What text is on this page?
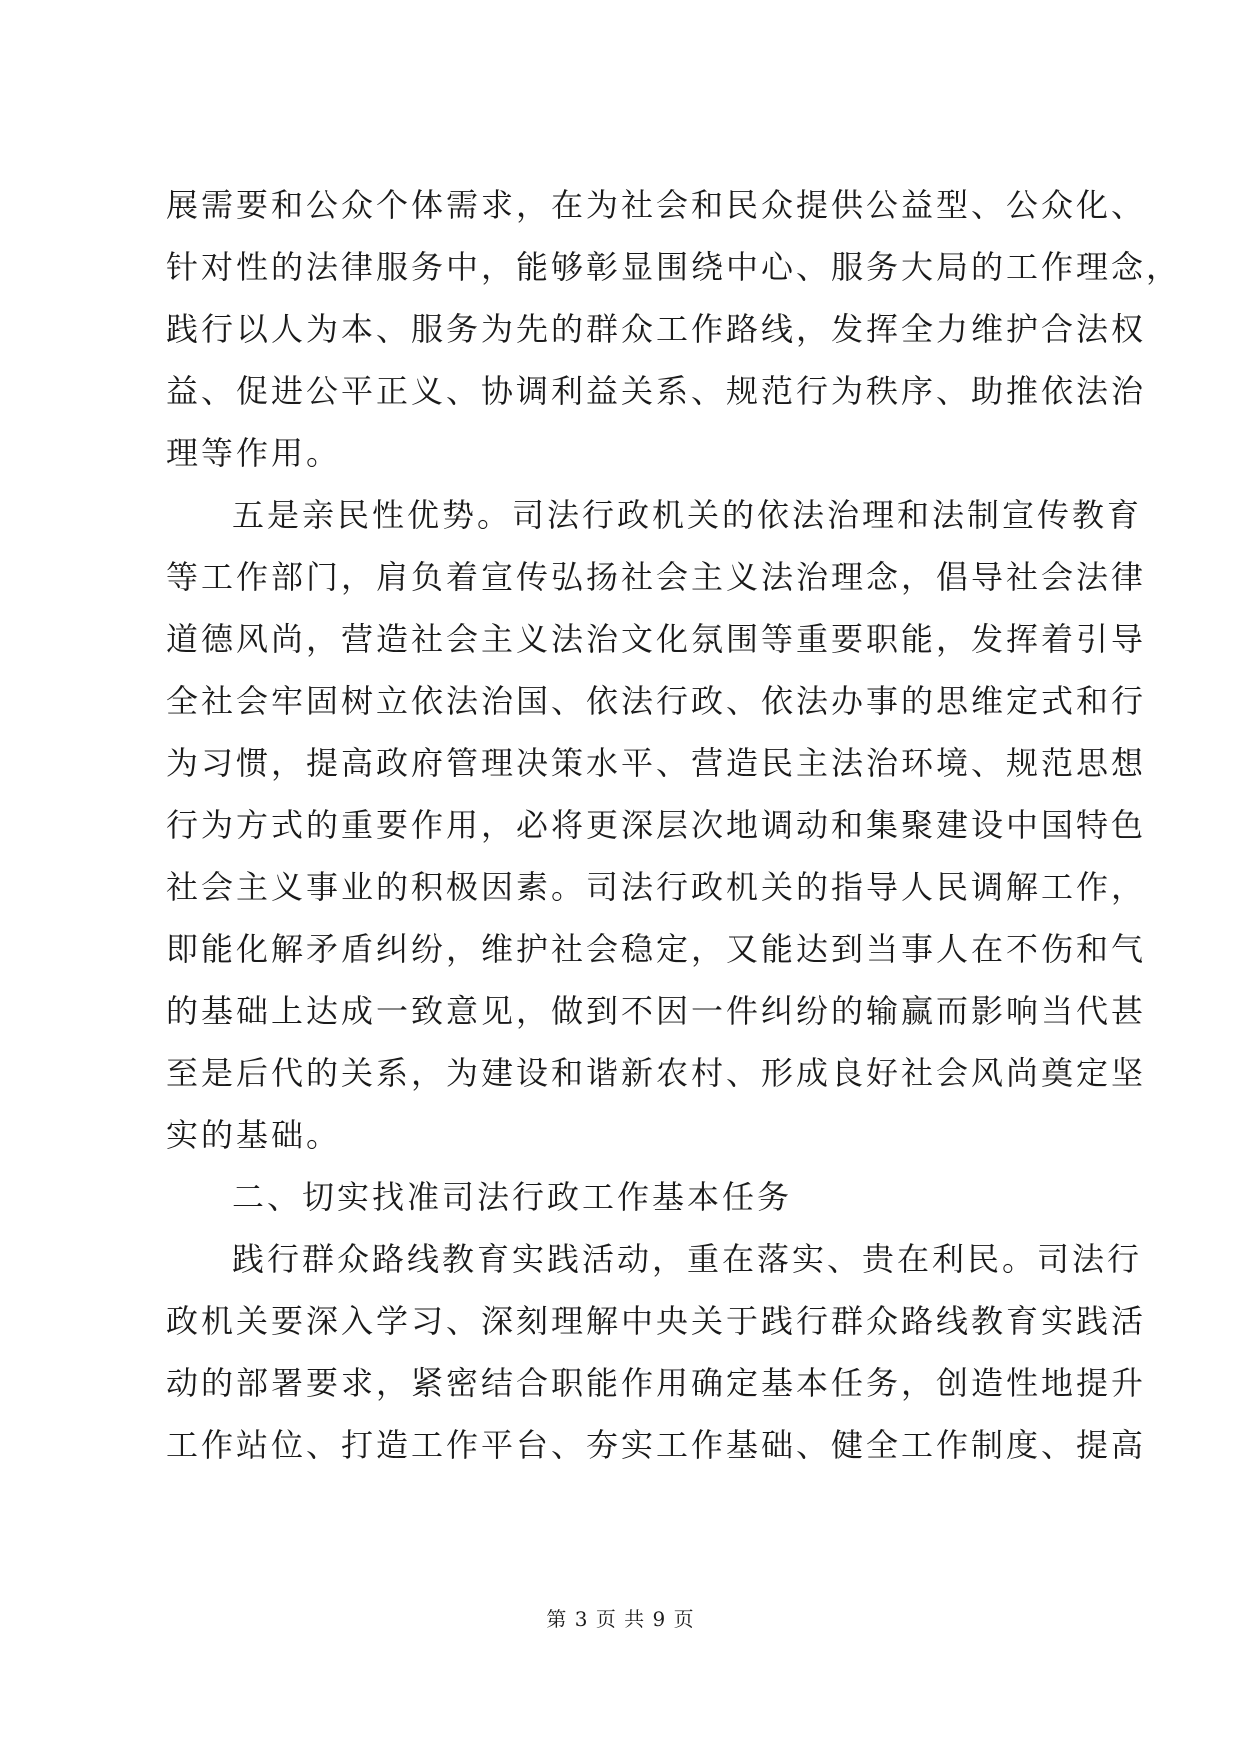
展需要和公众个体需求，在为社会和民众提供公益型、公众化、
针对性的法律服务中，能够彰显围绕中心、服务大局的工作理念，
践行以人为本、服务为先的群众工作路线，发挥全力维护合法权
益、促进公平正义、协调利益关系、规范行为秩序、助推依法治
理等作用。
五是亲民性优势。司法行政机关的依法治理和法制宣传教育
等工作部门，肩负着宣传弘扬社会主义法治理念，倡导社会法律
道德风尚，营造社会主义法治文化氛围等重要职能，发挥着引导
全社会牢固树立依法治国、依法行政、依法办事的思维定式和行
为习惯，提高政府管理决策水平、营造民主法治环境、规范思想
行为方式的重要作用，必将更深层次地调动和集聚建设中国特色
社会主义事业的积极因素。司法行政机关的指导人民调解工作，
即能化解矛盾纠纷，维护社会稳定，又能达到当事人在不伤和气
的基础上达成一致意见，做到不因一件纠纷的输赢而影响当代甚
至是后代的关系，为建设和谐新农村、形成良好社会风尚奠定坚
实的基础。
二、切实找准司法行政工作基本任务
践行群众路线教育实践活动，重在落实、贵在利民。司法行
政机关要深入学习、深刻理解中央关于践行群众路线教育实践活
动的部署要求，紧密结合职能作用确定基本任务，创造性地提升
工作站位、打造工作平台、夯实工作基础、健全工作制度、提高
第 3 页 共 9 页
